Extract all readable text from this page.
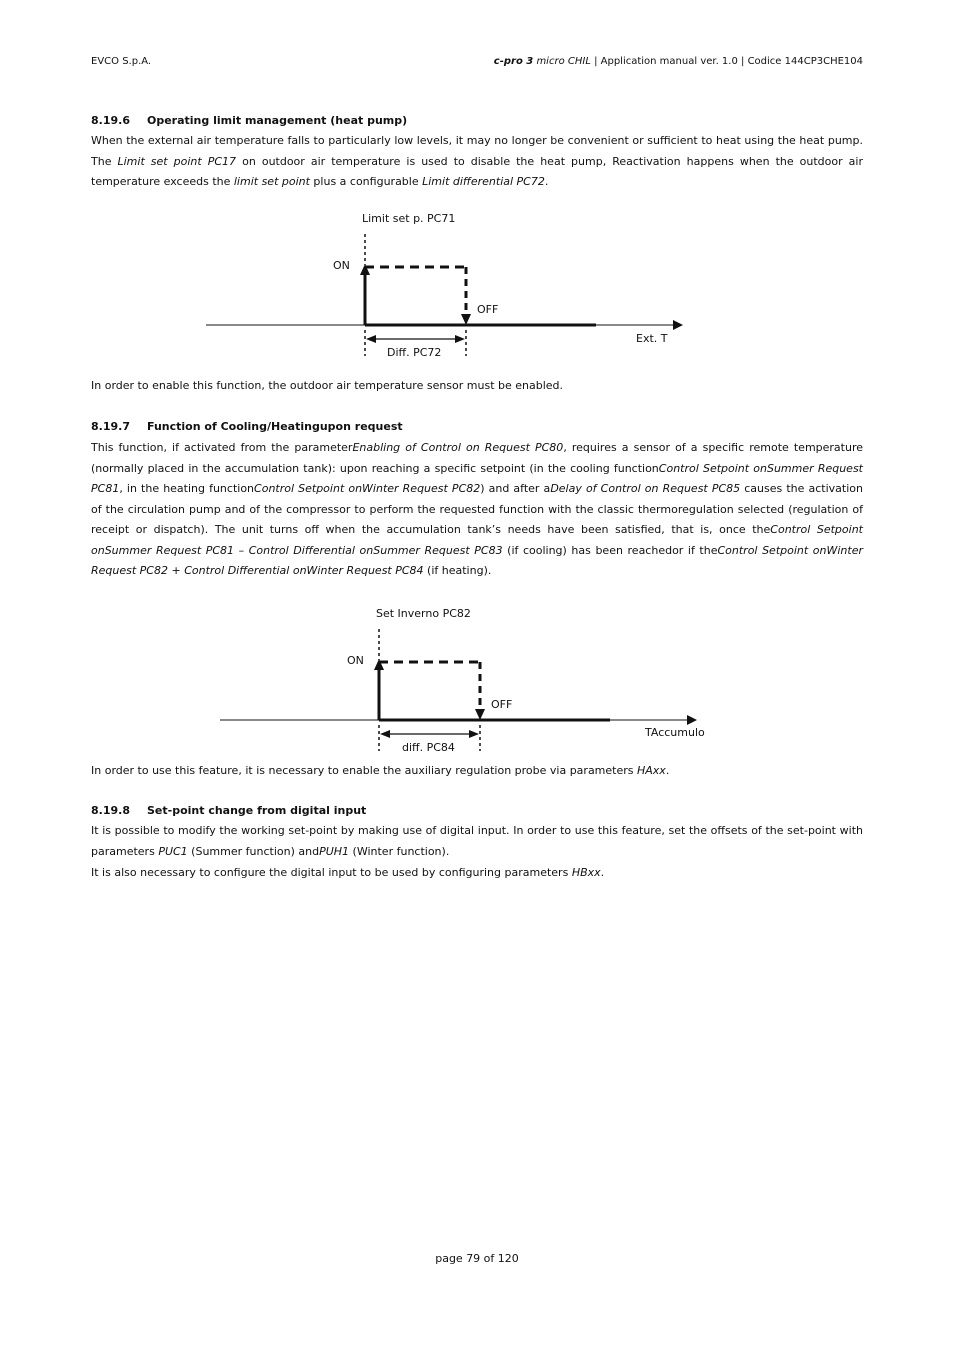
EVCO S.p.A.	c-pro 3 micro CHIL | Application manual ver. 1.0 | Codice 144CP3CHE104
8.19.6 Operating limit management (heat pump)

When the external air temperature falls to particularly low levels, it may no longer be convenient or sufficient to heat using the heat pump. The Limit set point PC17 on outdoor air temperature is used to disable the heat pump, Reactivation happens when the outdoor air temperature exceeds the limit set point plus a configurable Limit differential PC72.

Limit set p. PC71
ON
OFF
Ext. T
Diff. PC72

In order to enable this function, the outdoor air temperature sensor must be enabled.

8.19.7 Function of Cooling/Heatingupon request

This function, if activated from the parameterEnabling of Control on Request PC80, requires a sensor of a specific remote temperature (normally placed in the accumulation tank): upon reaching a specific setpoint (in the cooling functionControl Setpoint onSummer Request PC81, in the heating functionControl Setpoint onWinter Request PC82) and after aDelay of Control on Request PC85 causes the activation of the circulation pump and of the compressor to perform the requested function with the classic thermoregulation selected (regulation of receipt or dispatch). The unit turns off when the accumulation tank’s needs have been satisfied, that is, once theControl Setpoint onSummer Request PC81 – Control Differential onSummer Request PC83 (if cooling) has been reachedor if theControl Setpoint onWinter Request PC82 + Control Differential onWinter Request PC84 (if heating).

Set Inverno PC82
ON
OFF
TAccumulo
diff. PC84

In order to use this feature, it is necessary to enable the auxiliary regulation probe via parameters HAxx.

8.19.8 Set-point change from digital input

It is possible to modify the working set-point by making use of digital input. In order to use this feature, set the offsets of the set-point with parameters PUC1 (Summer function) andPUH1 (Winter function).

It is also necessary to configure the digital input to be used by configuring parameters HBxx.

page 79 of 120
